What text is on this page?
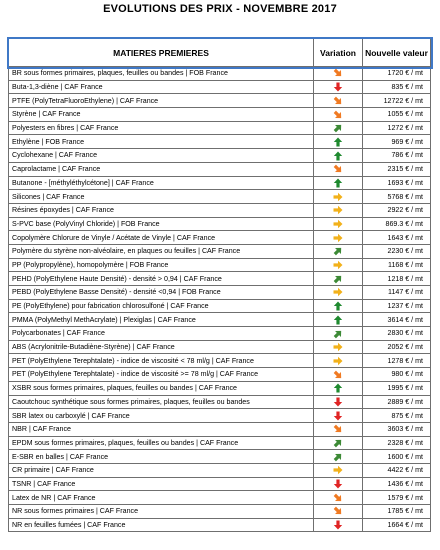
EVOLUTIONS DES PRIX - NOVEMBRE 2017
MATIERES PREMIERES	Variation	Nouvelle valeur
BR sous formes primaires, plaques, feuilles ou bandes | FOB France		1720 € / mt
Buta-1,3-diène | CAF France		835 € / mt
PTFE (PolyTetraFluoroEthylene) | CAF France		12722 € / mt
Styrène | CAF France		1055 € / mt
Polyesters en fibres | CAF France		1272 € / mt
Ethylène | FOB France		969 € / mt
Cyclohexane | CAF France		786 € / mt
Caprolactame | CAF France		2315 € / mt
Butanone - [méthyléthylcétone] | CAF France		1693 € / mt
Silicones | CAF France		5768 € / mt
Résines époxydes | CAF France		2922 € / mt
S-PVC base (PolyVinyl Chloride) | FOB France		869.3 € / mt
Copolymère Chlorure de Vinyle / Acétate de Vinyle | CAF France		1643 € / mt
Polymère du styrène non-alvéolaire, en plaques ou feuilles | CAF France		2230 € / mt
PP (Polypropylène), homopolymère | FOB France		1168 € / mt
PEHD (PolyEthylene Haute Densité) - densité > 0,94 | CAF France		1218 € / mt
PEBD (PolyEthylene Basse Densité) - densité <0,94 | FOB France		1147 € / mt
PE (PolyEthylene) pour fabrication chlorosulfoné | CAF France		1237 € / mt
PMMA (PolyMethyl MethAcrylate) | Plexiglas | CAF France		3614 € / mt
Polycarbonates | CAF France		2830 € / mt
ABS (Acrylonitrile-Butadiène-Styrène) | CAF France		2052 € / mt
PET (PolyEthylene Terephtalate) - indice de viscosité < 78 ml/g | CAF France		1278 € / mt
PET (PolyEthylene Terephtalate) - indice de viscosité >= 78 ml/g | CAF France		980 € / mt
XSBR sous formes primaires, plaques, feuilles ou bandes | CAF France		1995 € / mt
Caoutchouc synthétique sous formes primaires, plaques, feuilles ou bandes		2889 € / mt
SBR latex ou carboxylé | CAF France		875 € / mt
NBR | CAF France		3603 € / mt
EPDM sous formes primaires, plaques, feuilles ou bandes | CAF France		2328 € / mt
E-SBR en balles | CAF France		1600 € / mt
CR primaire | CAF France		4422 € / mt
TSNR | CAF France		1436 € / mt
Latex de NR | CAF France		1579 € / mt
NR sous formes primaires | CAF France		1785 € / mt
NR en feuilles fumées | CAF France		1664 € / mt
